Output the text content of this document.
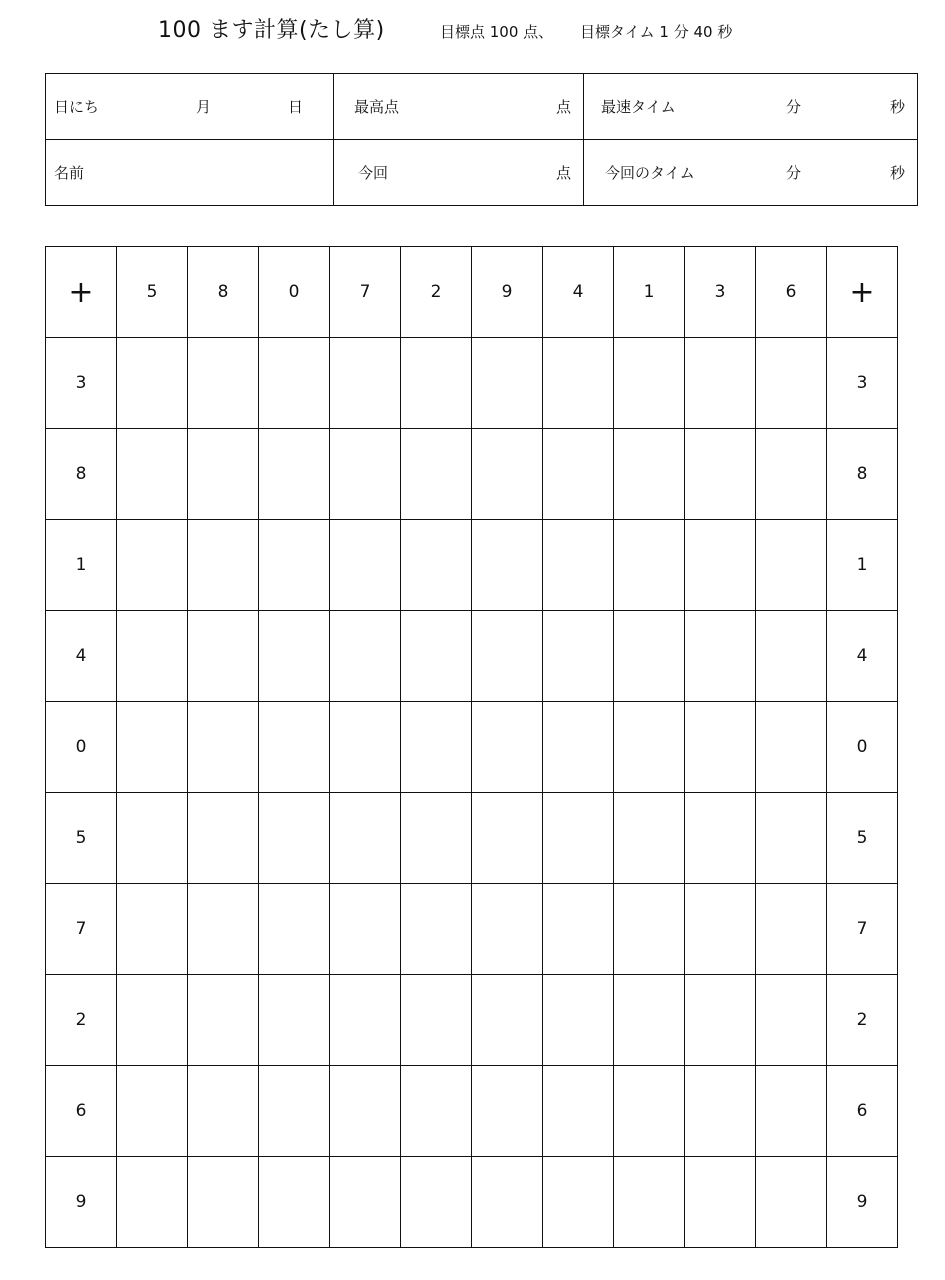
100 ます計算(たし算)	目標点 100 点、 目標タイム 1 分 40 秒
日にち	月	日	最高点	点 最速タイム	分	秒
名前	今回	点 今回のタイム	分	秒
+	5	8	0	7	2	9	4	1	3	6	+
3											3
8											8
1											1
4											4
0											0
5											5
7											7
2											2
6											6
9											9
